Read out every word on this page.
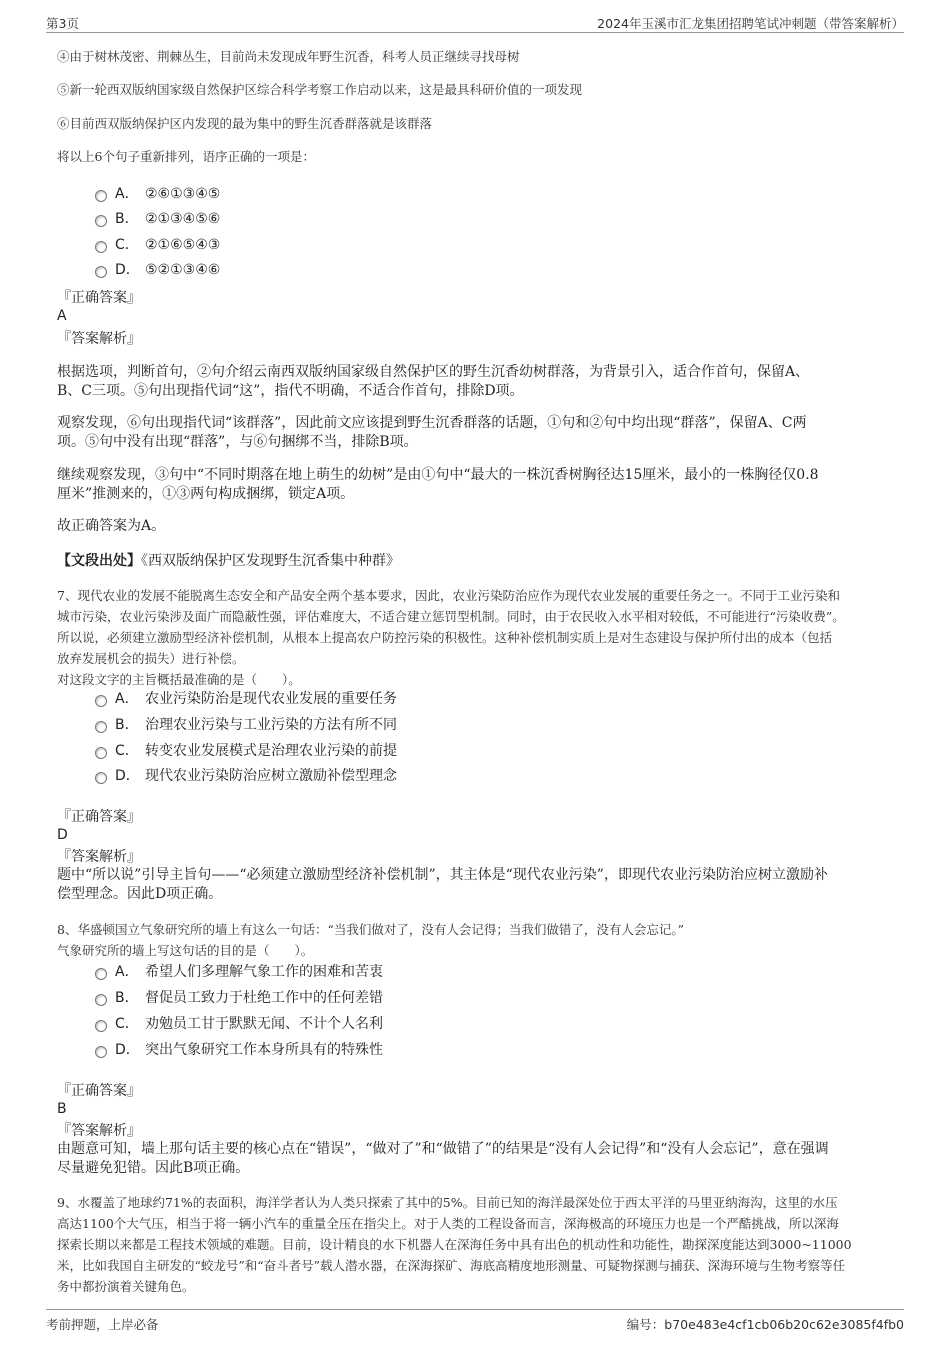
第3页	2024年玉溪市汇龙集团招聘笔试冲刺题（带答案解析）

④由于树林茂密、荆棘丛生，目前尚未发现成年野生沉香，科考人员正继续寻找母树

⑤新一轮西双版纳国家级自然保护区综合科学考察工作启动以来，这是最具科研价值的一项发现

⑥目前西双版纳保护区内发现的最为集中的野生沉香群落就是该群落

将以上6个句子重新排列，语序正确的一项是：

A． ②⑥①③④⑤
B． ②①③④⑤⑥
C． ②①⑥⑤④③
D． ⑤②①③④⑥

『正确答案』

A

『答案解析』

根据选项，判断首句，②句介绍云南西双版纳国家级自然保护区的野生沉香幼树群落，为背景引入，适合作首句，保留A、
B、C三项。⑤句出现指代词“这”，指代不明确，不适合作首句，排除D项。
观察发现，⑥句出现指代词“该群落”，因此前文应该提到野生沉香群落的话题，①句和②句中均出现“群落”，保留A、C两
项。⑤句中没有出现“群落”，与⑥句捆绑不当，排除B项。
继续观察发现，③句中“不同时期落在地上萌生的幼树”是由①句中“最大的一株沉香树胸径达15厘米，最小的一株胸径仅0.8
厘米”推测来的，①③两句构成捆绑，锁定A项。
故正确答案为A。
【文段出处】《西双版纳保护区发现野生沉香集中种群》
7、现代农业的发展不能脱离生态安全和产品安全两个基本要求，因此，农业污染防治应作为现代农业发展的重要任务之一。不同于工业污染和
城市污染，农业污染涉及面广而隐蔽性强，评估难度大，不适合建立惩罚型机制。同时，由于农民收入水平相对较低，不可能进行“污染收费”。
所以说，必须建立激励型经济补偿机制，从根本上提高农户防控污染的积极性。这种补偿机制实质上是对生态建设与保护所付出的成本（包括
放弃发展机会的损失）进行补偿。
对这段文字的主旨概括最准确的是（　　）。
A． 农业污染防治是现代农业发展的重要任务
B． 治理农业污染与工业污染的方法有所不同
C． 转变农业发展模式是治理农业污染的前提
D． 现代农业污染防治应树立激励补偿型理念

『正确答案』

D

『答案解析』

题中“所以说”引导主旨句——“必须建立激励型经济补偿机制”，其主体是“现代农业污染”，即现代农业污染防治应树立激励补
偿型理念。因此D项正确。
8、华盛顿国立气象研究所的墙上有这么一句话：“当我们做对了，没有人会记得；当我们做错了，没有人会忘记。”
气象研究所的墙上写这句话的目的是（　　）。
A． 希望人们多理解气象工作的困难和苦衷
B． 督促员工致力于杜绝工作中的任何差错
C． 劝勉员工甘于默默无闻、不计个人名利
D． 突出气象研究工作本身所具有的特殊性

『正确答案』

B

『答案解析』

由题意可知，墙上那句话主要的核心点在“错误”，“做对了”和“做错了”的结果是“没有人会记得”和“没有人会忘记”，意在强调
尽量避免犯错。因此B项正确。
9、水覆盖了地球约71%的表面积，海洋学者认为人类只探索了其中的5%。目前已知的海洋最深处位于西太平洋的马里亚纳海沟，这里的水压
高达1100个大气压，相当于将一辆小汽车的重量全压在指尖上。对于人类的工程设备而言，深海极高的环境压力也是一个严酷挑战，所以深海
探索长期以来都是工程技术领域的难题。目前，设计精良的水下机器人在深海任务中具有出色的机动性和功能性，勘探深度能达到3000~11000
米，比如我国自主研发的“蛟龙号”和“奋斗者号”载人潜水器，在深海探矿、海底高精度地形测量、可疑物探测与捕获、深海环境与生物考察等任
务中都扮演着关键角色。
考前押题，上岸必备	编号：b70e483e4cf1cb06b20c62e3085f4fb0
